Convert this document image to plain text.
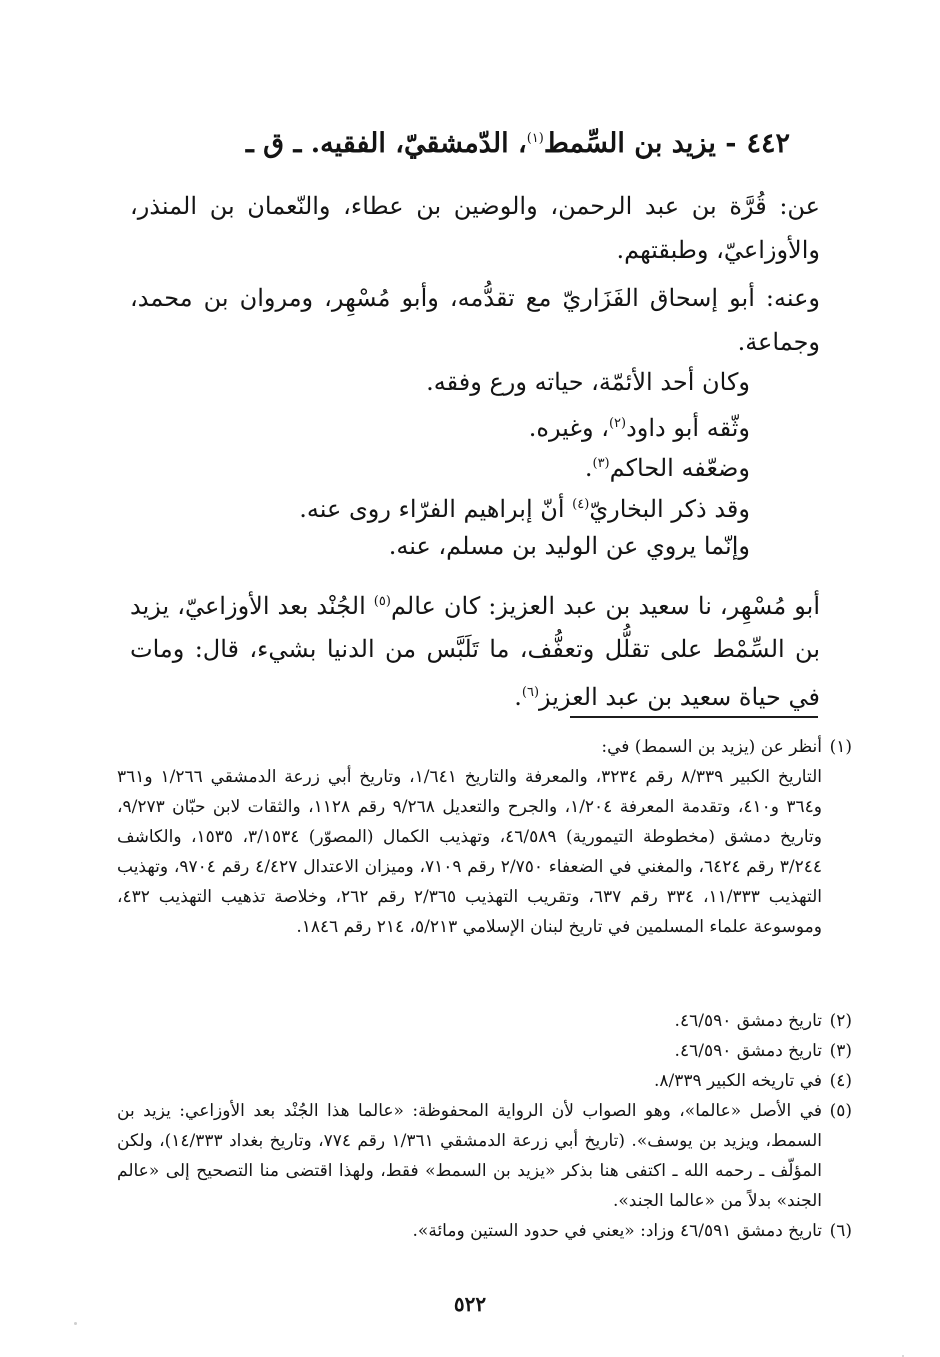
٤٤٢- يزيد بن السِّمط$^{(١)}$، الدّمشقيّ، الفقيه. ـ ق ـ
عن: قُرَّة بن عبد الرحمن، والوضين بن عطاء، والنّعمان بن المنذر، والأوزاعيّ، وطبقتهم.
وعنه: أبو إسحاق الفَزَاريّ مع تقدُّمه، وأبو مُسْهِر، ومروان بن محمد، وجماعة.
وكان أحد الأئمّة، حياته ورع وفقه.
وثّقه أبو داود$^{(٢)}$، وغيره.
وضعّفه الحاكم$^{(٣)}$.
وقد ذكر البخاريّ$^{(٤)}$ أنّ إبراهيم الفرّاء روى عنه.
وإنّما يروي عن الوليد بن مسلم، عنه.
أبو مُسْهِر، نا سعيد بن عبد العزيز: كان عالم$^{(٥)}$ الجُنْد بعد الأوزاعيّ، يزيد بن السِّمْط على تقلُّل وتعفُّف، ما تَلَبَّس من الدنيا بشيء، قال: ومات في حياة سعيد بن عبد العزيز$^{(٦)}$.
(١)
أنظر عن (يزيد بن السمط) في:
التاريخ الكبير ٨/٣٣٩ رقم ٣٢٣٤، والمعرفة والتاريخ ١/٦٤١، وتاريخ أبي زرعة الدمشقي ١/٢٦٦ و٣٦١ و٣٦٤ و٤١٠، وتقدمة المعرفة ١/٢٠٤، والجرح والتعديل ٩/٢٦٨ رقم ١١٢٨، والثقات لابن حبّان ٩/٢٧٣، وتاريخ دمشق (مخطوطة التيمورية) ٤٦/٥٨٩، وتهذيب الكمال (المصوّر) ٣/١٥٣٤، ١٥٣٥، والكاشف ٣/٢٤٤ رقم ٦٤٢٤، والمغني في الضعفاء ٢/٧٥٠ رقم ٧١٠٩، وميزان الاعتدال ٤/٤٢٧ رقم ٩٧٠٤، وتهذيب التهذيب ١١/٣٣٣، ٣٣٤ رقم ٦٣٧، وتقريب التهذيب ٢/٣٦٥ رقم ٢٦٢، وخلاصة تذهيب التهذيب ٤٣٢، وموسوعة علماء المسلمين في تاريخ لبنان الإسلامي ٥/٢١٣، ٢١٤ رقم ١٨٤٦.
(٢)
تاريخ دمشق ٤٦/٥٩٠.
(٣)
تاريخ دمشق ٤٦/٥٩٠.
(٤)
في تاريخه الكبير ٨/٣٣٩.
(٥)
في الأصل «عالما»، وهو الصواب لأن الرواية المحفوظة: «عالما هذا الجُنْد بعد الأوزاعي: يزيد بن السمط، ويزيد بن يوسف». (تاريخ أبي زرعة الدمشقي ١/٣٦١ رقم ٧٧٤، وتاريخ بغداد ١٤/٣٣٣)، ولكن المؤلّف ـ رحمه الله ـ اكتفى هنا بذكر «يزيد بن السمط» فقط، ولهذا اقتضى منا التصحيح إلى «عالم الجند» بدلاً من «عالما الجند».
(٦)
تاريخ دمشق ٤٦/٥٩١ وزاد: «يعني في حدود الستين ومائة».
٥٢٢
